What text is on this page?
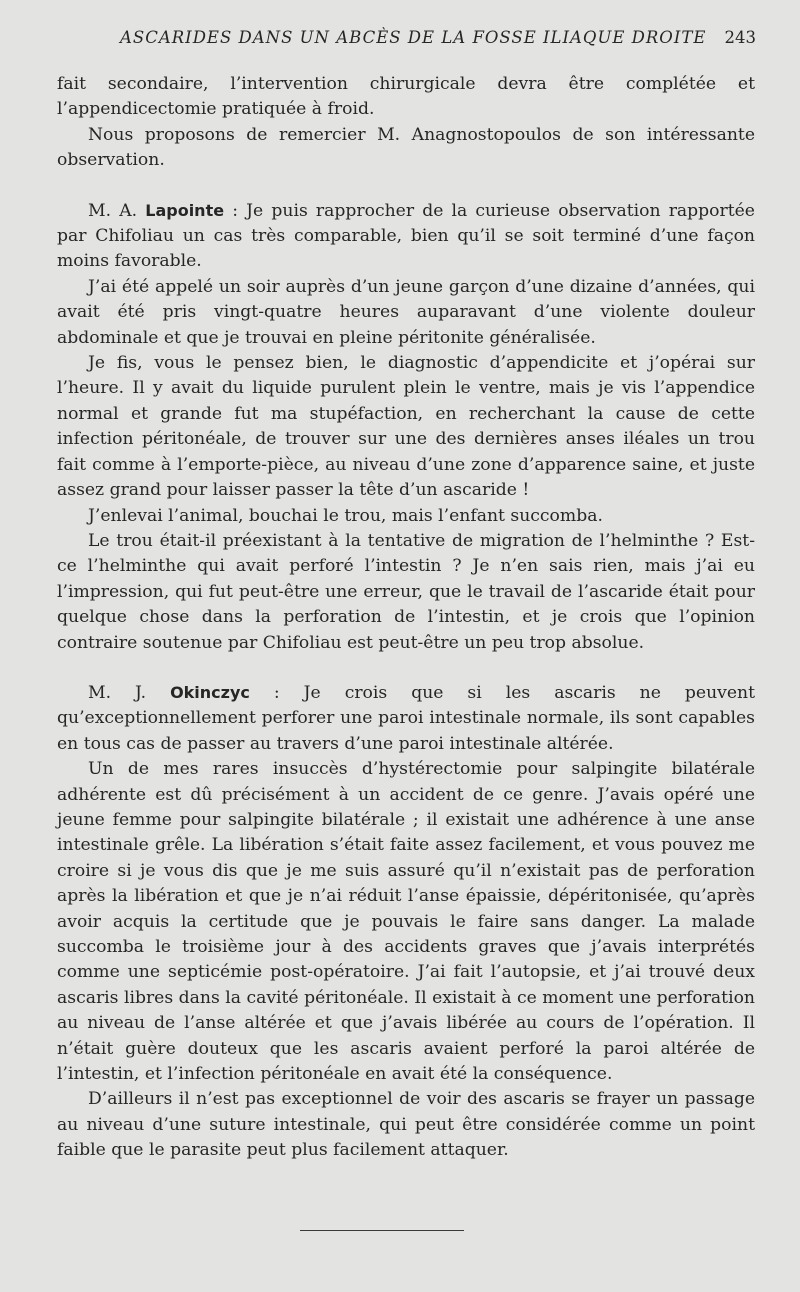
ASCARIDES DANS UN ABCÈS DE LA FOSSE ILIAQUE DROITE 243

fait secondaire, l’intervention chirurgicale devra être complétée et l’appendicectomie pratiquée à froid.

Nous proposons de remercier M. Anagnostopoulos de son intéressante observation.

M. A. Lapointe : Je puis rapprocher de la curieuse observation rapportée par Chifoliau un cas très comparable, bien qu’il se soit terminé d’une façon moins favorable.

J’ai été appelé un soir auprès d’un jeune garçon d’une dizaine d’années, qui avait été pris vingt-quatre heures auparavant d’une violente douleur abdominale et que je trouvai en pleine péritonite généralisée.

Je fis, vous le pensez bien, le diagnostic d’appendicite et j’opérai sur l’heure. Il y avait du liquide purulent plein le ventre, mais je vis l’appendice normal et grande fut ma stupéfaction, en recherchant la cause de cette infection péritonéale, de trouver sur une des dernières anses iléales un trou fait comme à l’emporte-pièce, au niveau d’une zone d’apparence saine, et juste assez grand pour laisser passer la tête d’un ascaride !

J’enlevai l’animal, bouchai le trou, mais l’enfant succomba.

Le trou était-il préexistant à la tentative de migration de l’helminthe ? Est-ce l’helminthe qui avait perforé l’intestin ? Je n’en sais rien, mais j’ai eu l’impression, qui fut peut-être une erreur, que le travail de l’ascaride était pour quelque chose dans la perforation de l’intestin, et je crois que l’opinion contraire soutenue par Chifoliau est peut-être un peu trop absolue.

M. J. Okinczyc : Je crois que si les ascaris ne peuvent qu’exceptionnellement perforer une paroi intestinale normale, ils sont capables en tous cas de passer au travers d’une paroi intestinale altérée.

Un de mes rares insuccès d’hystérectomie pour salpingite bilatérale adhérente est dû précisément à un accident de ce genre. J’avais opéré une jeune femme pour salpingite bilatérale ; il existait une adhérence à une anse intestinale grêle. La libération s’était faite assez facilement, et vous pouvez me croire si je vous dis que je me suis assuré qu’il n’existait pas de perforation après la libération et que je n’ai réduit l’anse épaissie, dépéritonisée, qu’après avoir acquis la certitude que je pouvais le faire sans danger. La malade succomba le troisième jour à des accidents graves que j’avais interprétés comme une septicémie post-opératoire. J’ai fait l’autopsie, et j’ai trouvé deux ascaris libres dans la cavité péritonéale. Il existait à ce moment une perforation au niveau de l’anse altérée et que j’avais libérée au cours de l’opération. Il n’était guère douteux que les ascaris avaient perforé la paroi altérée de l’intestin, et l’infection péritonéale en avait été la conséquence.

D’ailleurs il n’est pas exceptionnel de voir des ascaris se frayer un passage au niveau d’une suture intestinale, qui peut être considérée comme un point faible que le parasite peut plus facilement attaquer.
